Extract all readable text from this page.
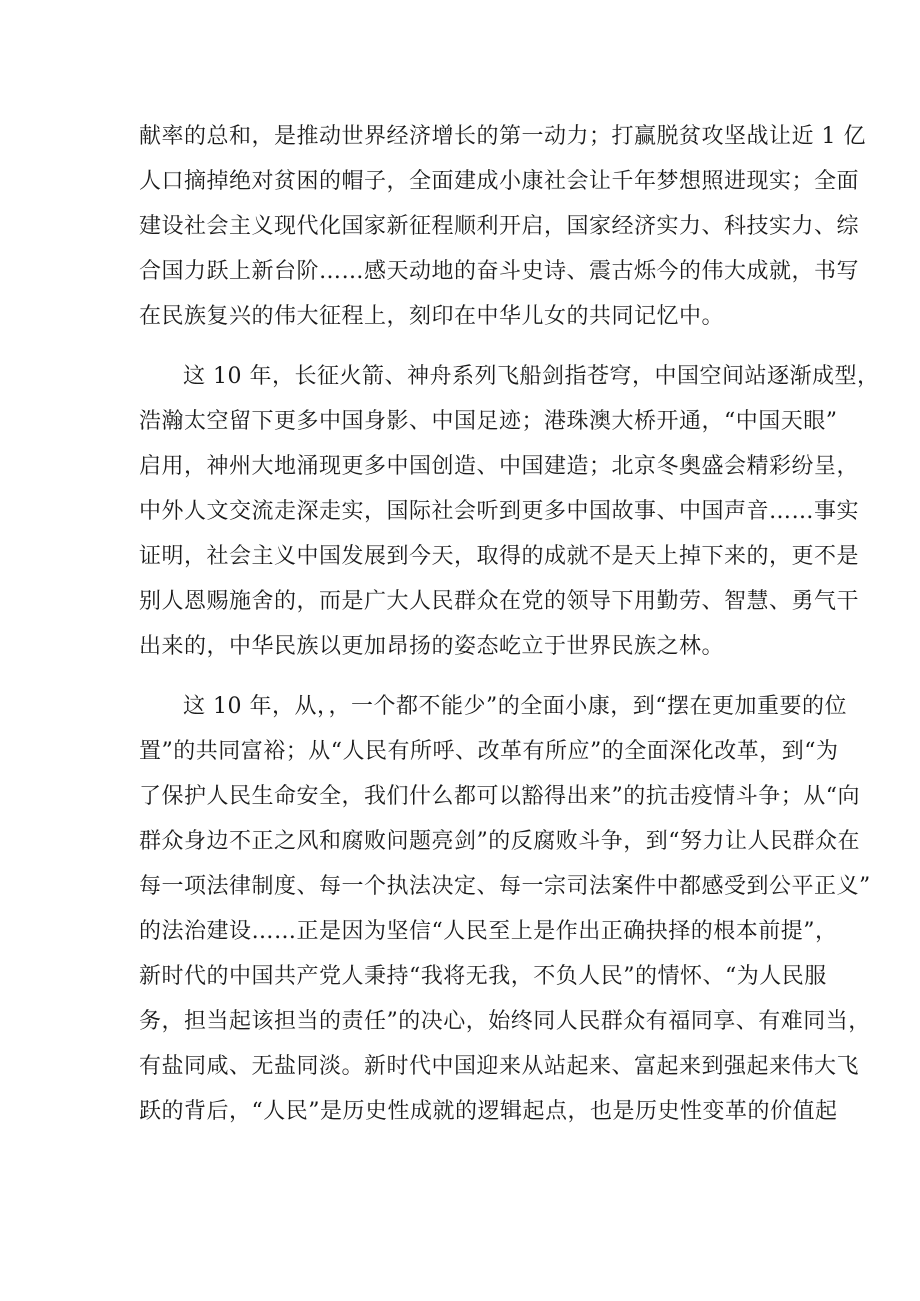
献率的总和，是推动世界经济增长的第一动力；打赢脱贫攻坚战让近 1 亿
人口摘掉绝对贫困的帽子，全面建成小康社会让千年梦想照进现实；全面
建设社会主义现代化国家新征程顺利开启，国家经济实力、科技实力、综
合国力跃上新台阶……感天动地的奋斗史诗、震古烁今的伟大成就，书写
在民族复兴的伟大征程上，刻印在中华儿女的共同记忆中。
这 10 年，长征火箭、神舟系列飞船剑指苍穹，中国空间站逐渐成型，
浩瀚太空留下更多中国身影、中国足迹；港珠澳大桥开通，“中国天眼”
启用，神州大地涌现更多中国创造、中国建造；北京冬奥盛会精彩纷呈，
中外人文交流走深走实，国际社会听到更多中国故事、中国声音……事实
证明，社会主义中国发展到今天，取得的成就不是天上掉下来的，更不是
别人恩赐施舍的，而是广大人民群众在党的领导下用勤劳、智慧、勇气干
出来的，中华民族以更加昂扬的姿态屹立于世界民族之林。
这 10 年，从，，一个都不能少”的全面小康，到“摆在更加重要的位
置”的共同富裕；从“人民有所呼、改革有所应”的全面深化改革，到“为
了保护人民生命安全，我们什么都可以豁得出来”的抗击疫情斗争；从“向
群众身边不正之风和腐败问题亮剑”的反腐败斗争，到“努力让人民群众在
每一项法律制度、每一个执法决定、每一宗司法案件中都感受到公平正义”
的法治建设……正是因为坚信“人民至上是作出正确抉择的根本前提”，
新时代的中国共产党人秉持“我将无我，不负人民”的情怀、“为人民服
务，担当起该担当的责任”的决心，始终同人民群众有福同享、有难同当，
有盐同咸、无盐同淡。新时代中国迎来从站起来、富起来到强起来伟大飞
跃的背后，“人民”是历史性成就的逻辑起点，也是历史性变革的价值起
